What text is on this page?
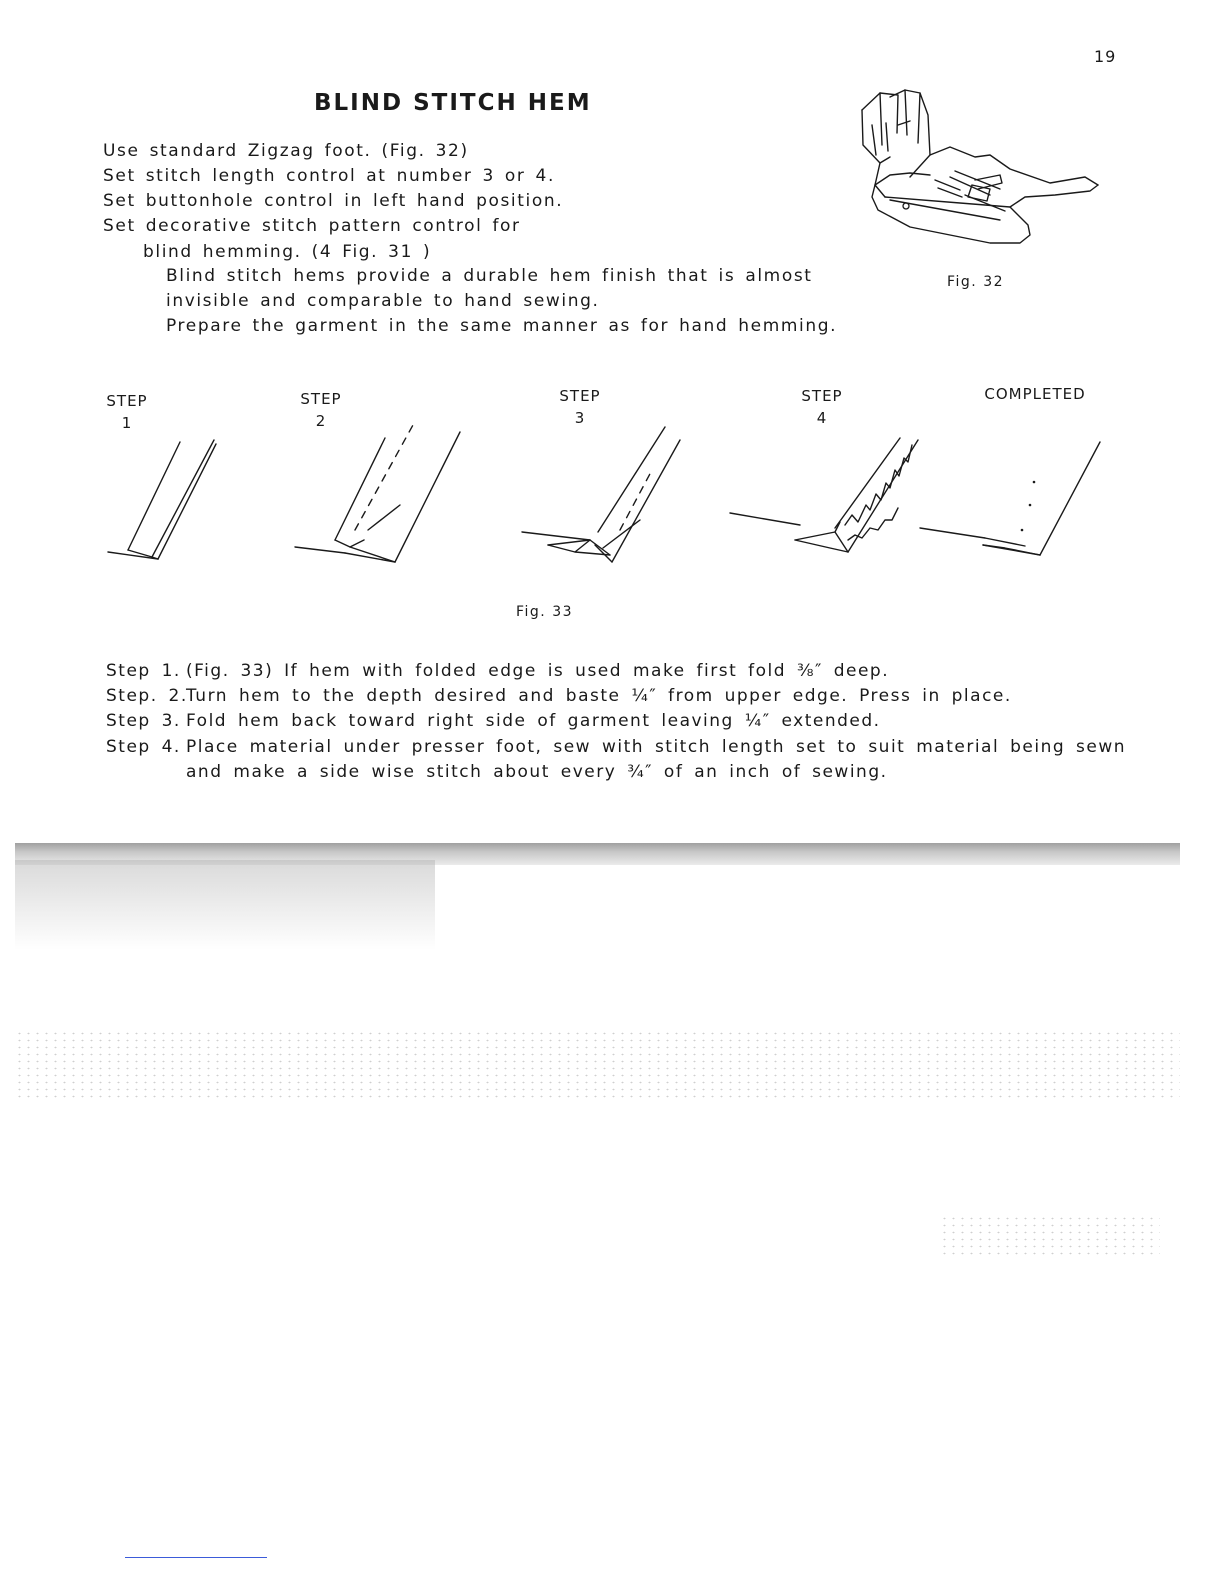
19
BLIND STITCH HEM
Use standard Zigzag foot. (Fig. 32)
Set stitch length control at number 3 or 4.
Set buttonhole control in left hand position.
Set decorative stitch pattern control for
blind hemming. (4 Fig. 31 )
Blind stitch hems provide a durable hem finish that is almost
invisible and comparable to hand sewing.
Prepare the garment in the same manner as for hand hemming.
Fig. 32
STEP
1
STEP
2
STEP
3
STEP
4
COMPLETED
Fig. 33
Step 1. (Fig. 33) If hem with folded edge is used make first fold ⅜″ deep.
Step. 2.Turn hem to the depth desired and baste ¼″ from upper edge. Press in place.
Step 3. Fold hem back toward right side of garment leaving ¼″ extended.
Step 4. Place material under presser foot, sew with stitch length set to suit material being sewn
and make a side wise stitch about every ¾″ of an inch of sewing.
